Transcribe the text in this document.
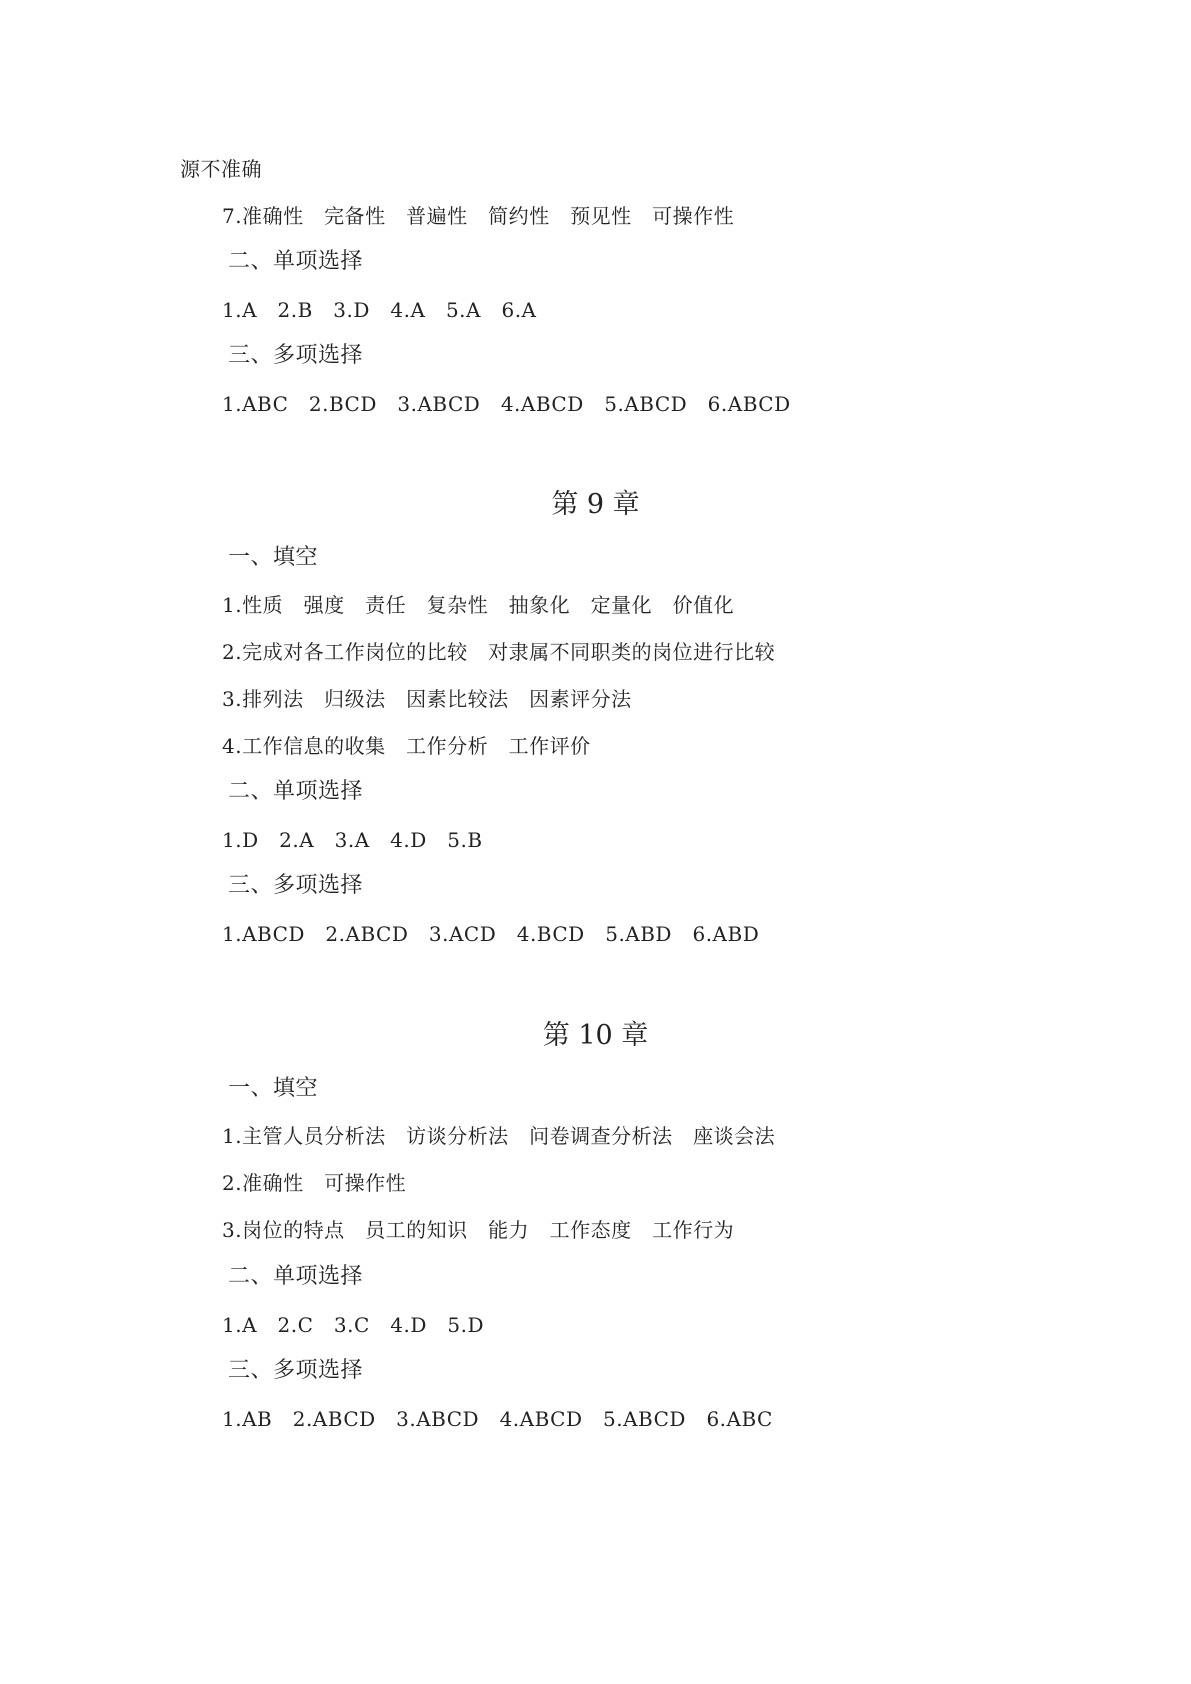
源不准确
7.准确性　完备性　普遍性　简约性　预见性　可操作性
二、单项选择
1.A　2.B　3.D　4.A　5.A　6.A
三、多项选择
1.ABC　2.BCD　3.ABCD　4.ABCD　5.ABCD　6.ABCD
第 9 章
一、填空
1.性质　强度　责任　复杂性　抽象化　定量化　价值化
2.完成对各工作岗位的比较　对隶属不同职类的岗位进行比较
3.排列法　归级法　因素比较法　因素评分法
4.工作信息的收集　工作分析　工作评价
二、单项选择
1.D　2.A　3.A　4.D　5.B
三、多项选择
1.ABCD　2.ABCD　3.ACD　4.BCD　5.ABD　6.ABD
第 10 章
一、填空
1.主管人员分析法　访谈分析法　问卷调查分析法　座谈会法
2.准确性　可操作性
3.岗位的特点　员工的知识　能力　工作态度　工作行为
二、单项选择
1.A　2.C　3.C　4.D　5.D
三、多项选择
1.AB　2.ABCD　3.ABCD　4.ABCD　5.ABCD　6.ABC
